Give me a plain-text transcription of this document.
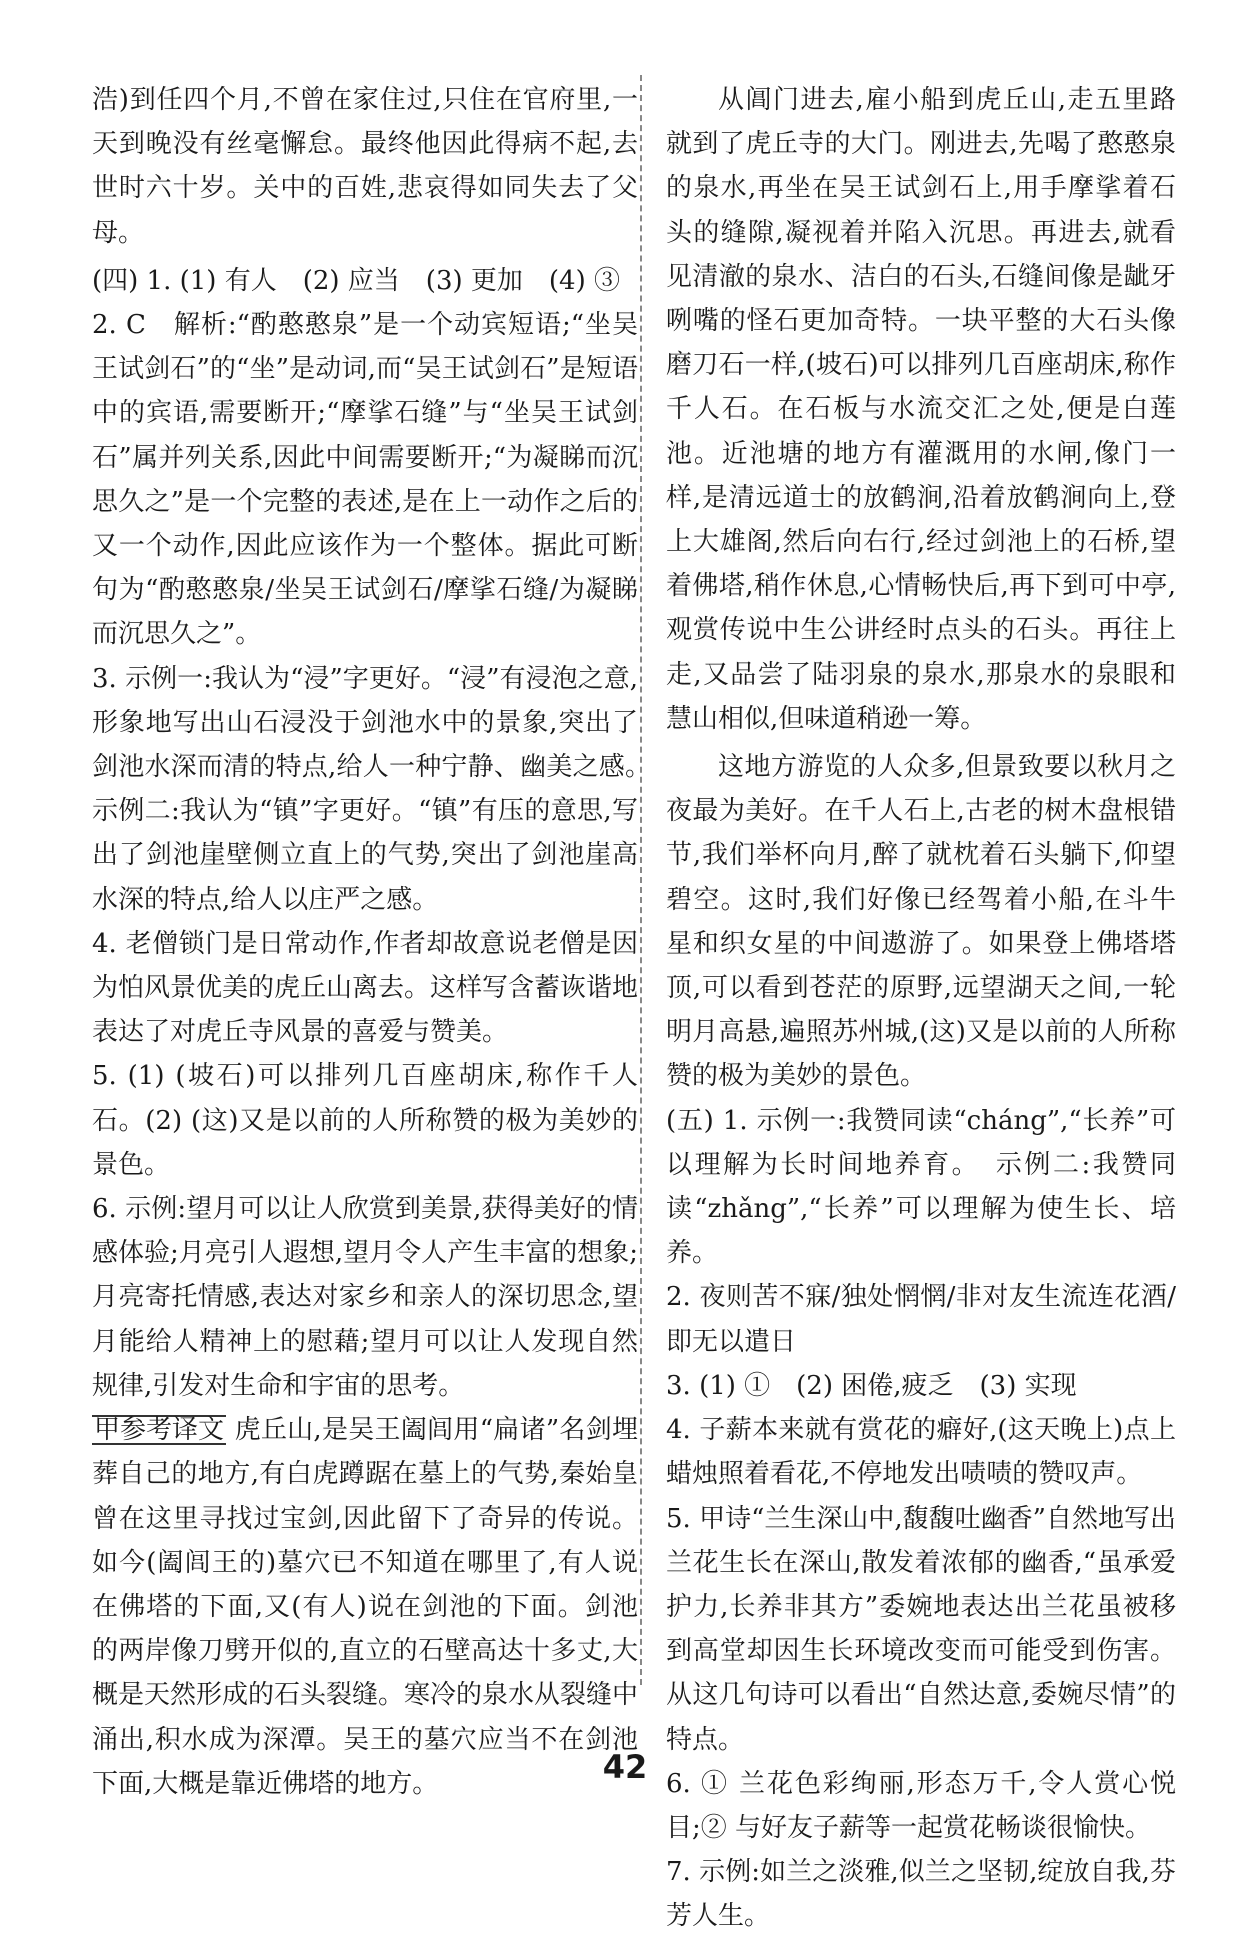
浩)到任四个月,不曾在家住过,只住在官府里,一天到晚没有丝毫懈怠。最终他因此得病不起,去世时六十岁。关中的百姓,悲哀得如同失去了父母。

(四) 1. (1) 有人　(2) 应当　(3) 更加　(4) ③

2. C　解析:“酌憨憨泉”是一个动宾短语;“坐吴王试剑石”的“坐”是动词,而“吴王试剑石”是短语中的宾语,需要断开;“摩挲石缝”与“坐吴王试剑石”属并列关系,因此中间需要断开;“为凝睇而沉思久之”是一个完整的表述,是在上一动作之后的又一个动作,因此应该作为一个整体。据此可断句为“酌憨憨泉/坐吴王试剑石/摩挲石缝/为凝睇而沉思久之”。

3. 示例一:我认为“浸”字更好。“浸”有浸泡之意,形象地写出山石浸没于剑池水中的景象,突出了剑池水深而清的特点,给人一种宁静、幽美之感。　示例二:我认为“镇”字更好。“镇”有压的意思,写出了剑池崖壁侧立直上的气势,突出了剑池崖高水深的特点,给人以庄严之感。

4. 老僧锁门是日常动作,作者却故意说老僧是因为怕风景优美的虎丘山离去。这样写含蓄诙谐地表达了对虎丘寺风景的喜爱与赞美。

5. (1) (坡石)可以排列几百座胡床,称作千人石。(2) (这)又是以前的人所称赞的极为美妙的景色。

6. 示例:望月可以让人欣赏到美景,获得美好的情感体验;月亮引人遐想,望月令人产生丰富的想象;月亮寄托情感,表达对家乡和亲人的深切思念,望月能给人精神上的慰藉;望月可以让人发现自然规律,引发对生命和宇宙的思考。

甲参考译文 虎丘山,是吴王阖闾用“扁诸”名剑埋葬自己的地方,有白虎蹲踞在墓上的气势,秦始皇曾在这里寻找过宝剑,因此留下了奇异的传说。如今(阖闾王的)墓穴已不知道在哪里了,有人说在佛塔的下面,又(有人)说在剑池的下面。剑池的两岸像刀劈开似的,直立的石壁高达十多丈,大概是天然形成的石头裂缝。寒冷的泉水从裂缝中涌出,积水成为深潭。吴王的墓穴应当不在剑池下面,大概是靠近佛塔的地方。

从阊门进去,雇小船到虎丘山,走五里路就到了虎丘寺的大门。刚进去,先喝了憨憨泉的泉水,再坐在吴王试剑石上,用手摩挲着石头的缝隙,凝视着并陷入沉思。再进去,就看见清澈的泉水、洁白的石头,石缝间像是龇牙咧嘴的怪石更加奇特。一块平整的大石头像磨刀石一样,(坡石)可以排列几百座胡床,称作千人石。在石板与水流交汇之处,便是白莲池。近池塘的地方有灌溉用的水闸,像门一样,是清远道士的放鹤涧,沿着放鹤涧向上,登上大雄阁,然后向右行,经过剑池上的石桥,望着佛塔,稍作休息,心情畅快后,再下到可中亭,观赏传说中生公讲经时点头的石头。再往上走,又品尝了陆羽泉的泉水,那泉水的泉眼和慧山相似,但味道稍逊一筹。

这地方游览的人众多,但景致要以秋月之夜最为美好。在千人石上,古老的树木盘根错节,我们举杯向月,醉了就枕着石头躺下,仰望碧空。这时,我们好像已经驾着小船,在斗牛星和织女星的中间遨游了。如果登上佛塔塔顶,可以看到苍茫的原野,远望湖天之间,一轮明月高悬,遍照苏州城,(这)又是以前的人所称赞的极为美妙的景色。

(五) 1. 示例一:我赞同读“cháng”,“长养”可以理解为长时间地养育。　示例二:我赞同读“zhǎng”,“长养”可以理解为使生长、培养。

2. 夜则苦不寐/独处惘惘/非对友生流连花酒/即无以遣日

3. (1) ①　(2) 困倦,疲乏　(3) 实现

4. 子薪本来就有赏花的癖好,(这天晚上)点上蜡烛照着看花,不停地发出啧啧的赞叹声。

5. 甲诗“兰生深山中,馥馥吐幽香”自然地写出兰花生长在深山,散发着浓郁的幽香,“虽承爱护力,长养非其方”委婉地表达出兰花虽被移到高堂却因生长环境改变而可能受到伤害。从这几句诗可以看出“自然达意,委婉尽情”的特点。

6. ① 兰花色彩绚丽,形态万千,令人赏心悦目;② 与好友子薪等一起赏花畅谈很愉快。

7. 示例:如兰之淡雅,似兰之坚韧,绽放自我,芬芳人生。

42
